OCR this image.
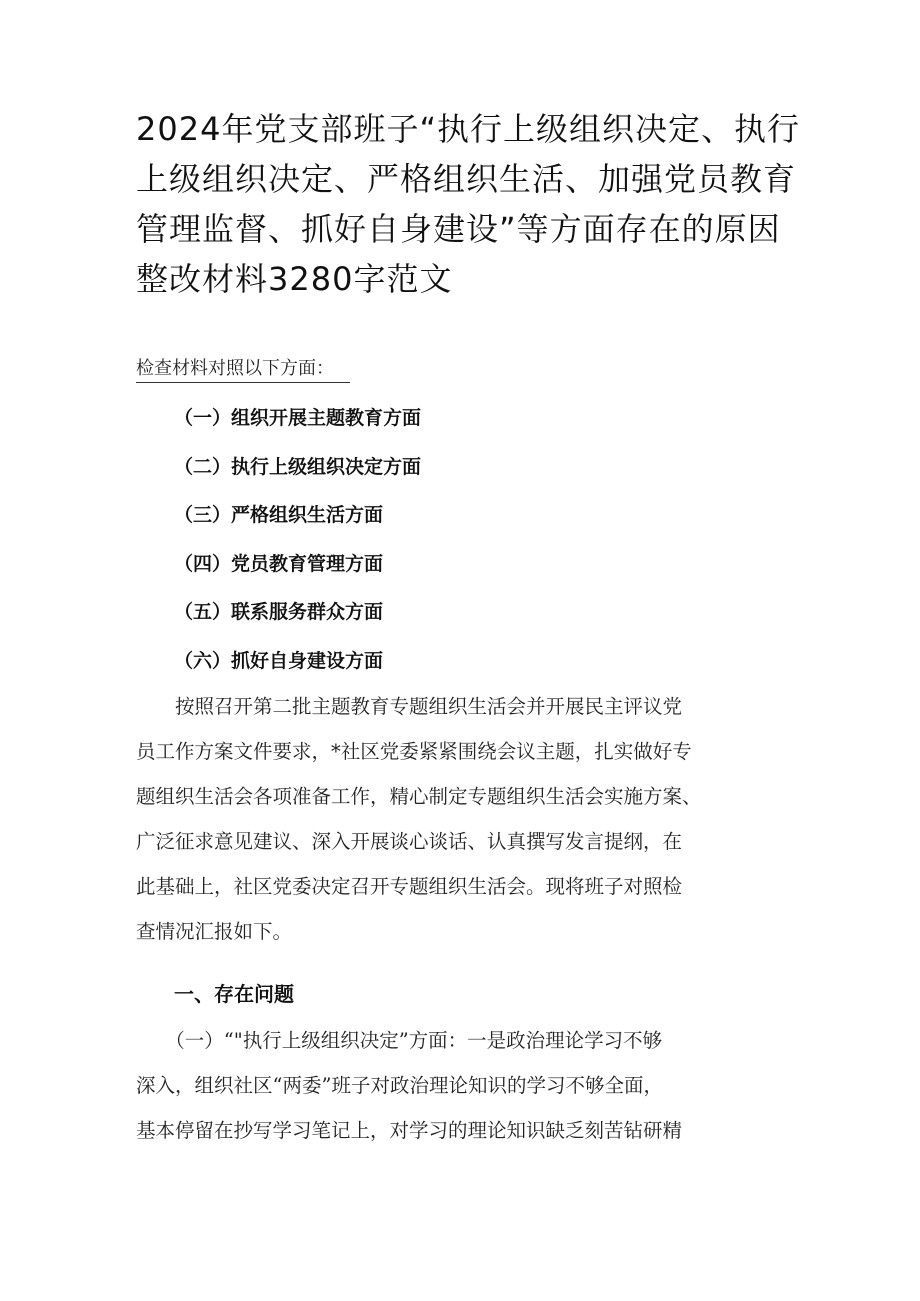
2024年党支部班子“执行上级组织决定、执行
上级组织决定、严格组织生活、加强党员教育
管理监督、抓好自身建设”等方面存在的原因
整改材料3280字范文
检查材料对照以下方面：
（一）组织开展主题教育方面
（二）执行上级组织决定方面
（三）严格组织生活方面
（四）党员教育管理方面
（五）联系服务群众方面
（六）抓好自身建设方面
　　按照召开第二批主题教育专题组织生活会并开展民主评议党
员工作方案文件要求，*社区党委紧紧围绕会议主题，扎实做好专
题组织生活会各项准备工作，精心制定专题组织生活会实施方案、
广泛征求意见建议、深入开展谈心谈话、认真撰写发言提纲，在
此基础上，社区党委决定召开专题组织生活会。现将班子对照检
查情况汇报如下。
一、存在问题
　　（一）“"执行上级组织决定”方面：一是政治理论学习不够
深入，组织社区“两委”班子对政治理论知识的学习不够全面，
基本停留在抄写学习笔记上，对学习的理论知识缺乏刻苦钻研精
